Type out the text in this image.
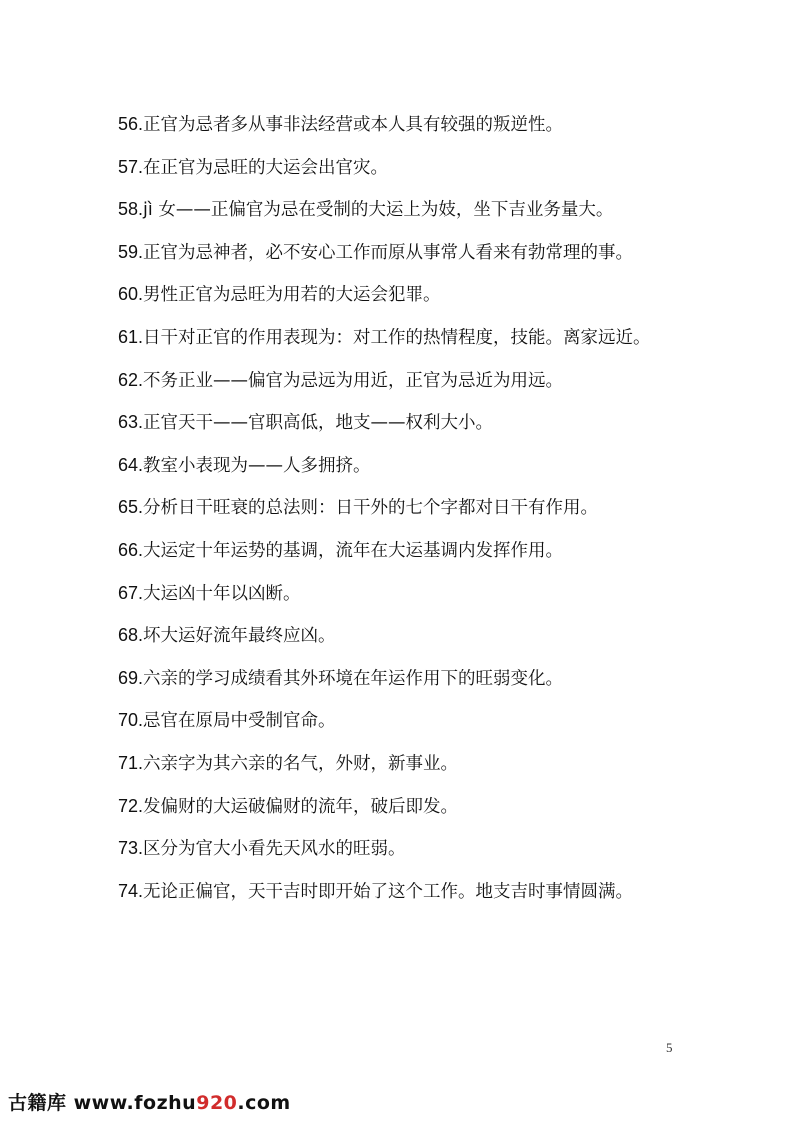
56.正官为忌者多从事非法经营或本人具有较强的叛逆性。

57.在正官为忌旺的大运会出官灾。

58.jì 女——正偏官为忌在受制的大运上为妓，坐下吉业务量大。

59.正官为忌神者，必不安心工作而原从事常人看来有勃常理的事。

60.男性正官为忌旺为用若的大运会犯罪。

61.日干对正官的作用表现为：对工作的热情程度，技能。离家远近。

62.不务正业——偏官为忌远为用近，正官为忌近为用远。

63.正官天干——官职高低，地支——权利大小。

64.教室小表现为——人多拥挤。

65.分析日干旺衰的总法则：日干外的七个字都对日干有作用。

66.大运定十年运势的基调，流年在大运基调内发挥作用。

67.大运凶十年以凶断。

68.坏大运好流年最终应凶。

69.六亲的学习成绩看其外环境在年运作用下的旺弱变化。

70.忌官在原局中受制官命。

71.六亲字为其六亲的名气，外财，新事业。

72.发偏财的大运破偏财的流年，破后即发。

73.区分为官大小看先天风水的旺弱。

74.无论正偏官，天干吉时即开始了这个工作。地支吉时事情圆满。

5
古籍库 www.fozhu920.com
